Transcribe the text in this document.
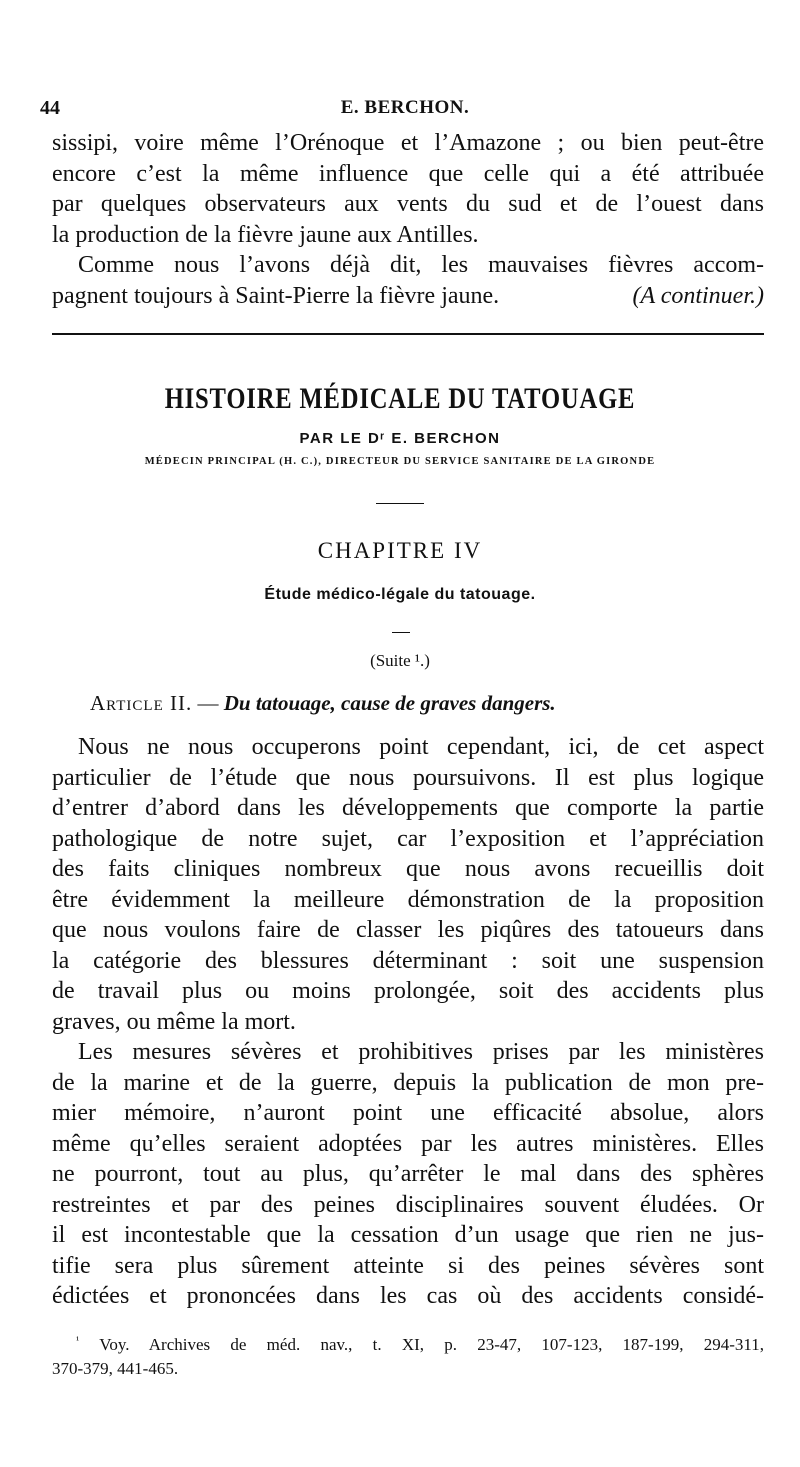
44	E. BERCHON.
sissipi, voire même l’Orénoque et l’Amazone ; ou bien peut-être
encore c’est la même influence que celle qui a été attribuée
par quelques observateurs aux vents du sud et de l’ouest dans
la production de la fièvre jaune aux Antilles.
Comme nous l’avons déjà dit, les mauvaises fièvres accom-
pagnent toujours à Saint-Pierre la fièvre jaune.	(A continuer.)
HISTOIRE MÉDICALE DU TATOUAGE
PAR LE Dʳ E. BERCHON
MÉDECIN PRINCIPAL (H. C.), DIRECTEUR DU SERVICE SANITAIRE DE LA GIRONDE
CHAPITRE IV
Étude médico-légale du tatouage.
(Suite ¹.)
Article II. — Du tatouage, cause de graves dangers.
Nous ne nous occuperons point cependant, ici, de cet aspect
particulier de l’étude que nous poursuivons. Il est plus logique
d’entrer d’abord dans les développements que comporte la partie
pathologique de notre sujet, car l’exposition et l’appréciation
des faits cliniques nombreux que nous avons recueillis doit
être évidemment la meilleure démonstration de la proposition
que nous voulons faire de classer les piqûres des tatoueurs dans
la catégorie des blessures déterminant : soit une suspension
de travail plus ou moins prolongée, soit des accidents plus
graves, ou même la mort.
Les mesures sévères et prohibitives prises par les ministères
de la marine et de la guerre, depuis la publication de mon pre-
mier mémoire, n’auront point une efficacité absolue, alors
même qu’elles seraient adoptées par les autres ministères. Elles
ne pourront, tout au plus, qu’arrêter le mal dans des sphères
restreintes et par des peines disciplinaires souvent éludées. Or
il est incontestable que la cessation d’un usage que rien ne jus-
tifie sera plus sûrement atteinte si des peines sévères sont
édictées et prononcées dans les cas où des accidents considé-
$^{^1}$ Voy. Archives de méd. nav., t. XI, p. 23-47, 107-123, 187-199, 294-311,
370-379, 441-465.
